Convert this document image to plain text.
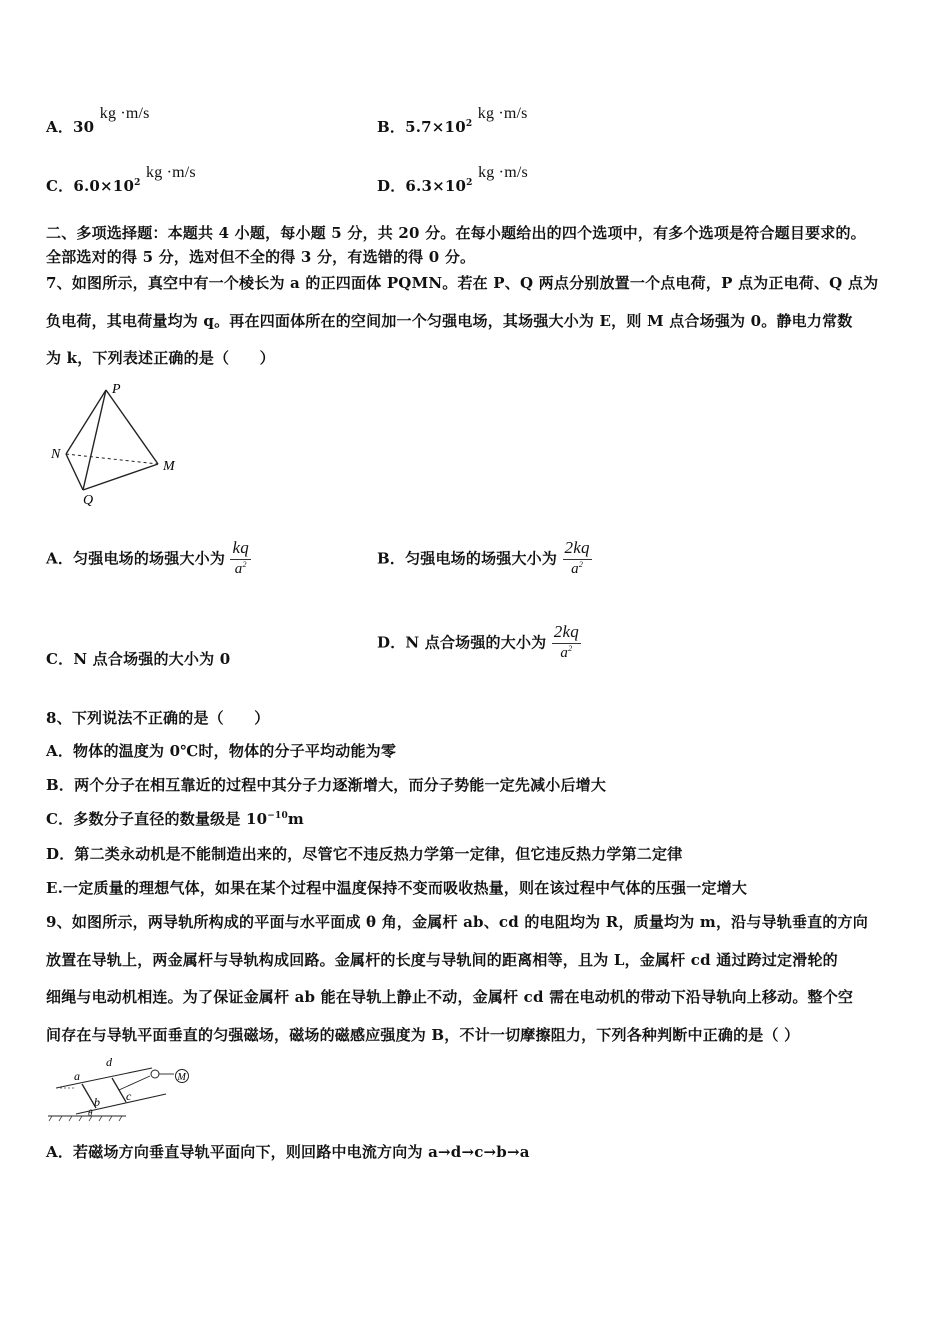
A．30 kg ·m/s
B．$5.7\times 10^2$ kg ·m/s
C．$6.0\times 10^2$ kg ·m/s
D．$6.3\times 10^2$ kg ·m/s
二、多项选择题：本题共 4 小题，每小题 5 分，共 20 分。在每小题给出的四个选项中，有多个选项是符合题目要求的。
全部选对的得 5 分，选对但不全的得 3 分，有选错的得 0 分。
7、如图所示，真空中有一个棱长为 a 的正四面体 PQMN。若在 P、Q 两点分别放置一个点电荷，P 点为正电荷、Q 点为
负电荷，其电荷量均为 q。再在四面体所在的空间加一个匀强电场，其场强大小为 E，则 M 点合场强为 0。静电力常数
为 k，下列表述正确的是（　　）
P
N
M
Q
A．匀强电场的场强大小为 $\frac{kq}{a^2}$	B．匀强电场的场强大小为 $\frac{2kq}{a^2}$
C．N 点合场强的大小为 0
D．N 点合场强的大小为 $\frac{2kq}{a^2}$
8、下列说法不正确的是（　　）
A．物体的温度为 0℃时，物体的分子平均动能为零
B．两个分子在相互靠近的过程中其分子力逐渐增大，而分子势能一定先减小后增大
C．多数分子直径的数量级是 $10^{-10}m$
D．第二类永动机是不能制造出来的，尽管它不违反热力学第一定律，但它违反热力学第二定律
E.一定质量的理想气体，如果在某个过程中温度保持不变而吸收热量，则在该过程中气体的压强一定增大
9、如图所示，两导轨所构成的平面与水平面成 θ 角，金属杆 ab、cd 的电阻均为 R，质量均为 m，沿与导轨垂直的方向
放置在导轨上，两金属杆与导轨构成回路。金属杆的长度与导轨间的距离相等，且为 L，金属杆 cd 通过跨过定滑轮的
细绳与电动机相连。为了保证金属杆 ab 能在导轨上静止不动，金属杆 cd 需在电动机的带动下沿导轨向上移动。整个空
间存在与导轨平面垂直的匀强磁场，磁场的磁感应强度为 B，不计一切摩擦阻力，下列各种判断中正确的是（ ）
M
d
a
b c
θ
A．若磁场方向垂直导轨平面向下，则回路中电流方向为 a→d→c→b→a
